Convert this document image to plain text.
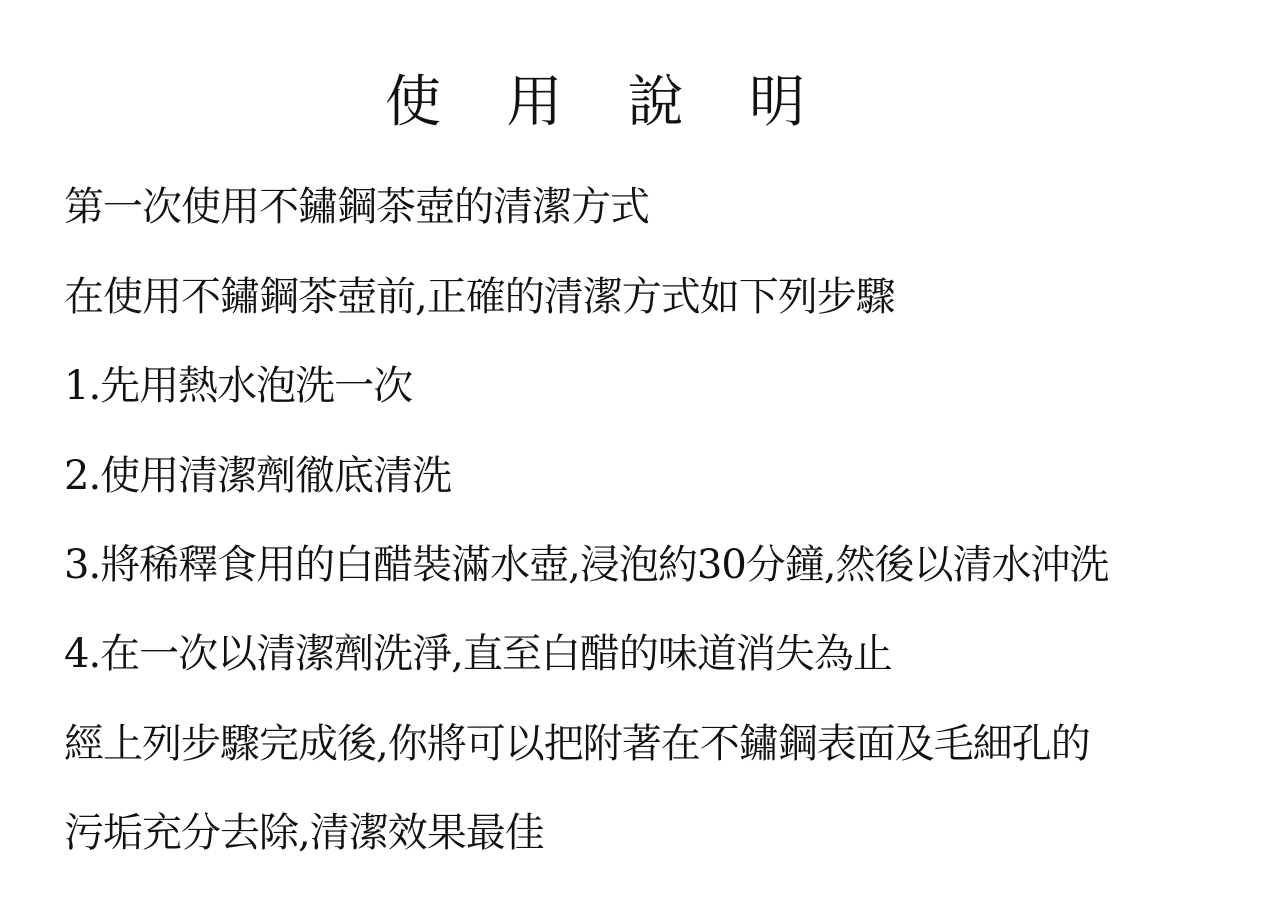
使 用 說 明
第一次使用不鏽鋼茶壺的清潔方式
在使用不鏽鋼茶壺前,正確的清潔方式如下列步驟
1.先用熱水泡洗一次
2.使用清潔劑徹底清洗
3.將稀釋食用的白醋裝滿水壺,浸泡約30分鐘,然後以清水沖洗
4.在一次以清潔劑洗淨,直至白醋的味道消失為止
經上列步驟完成後,你將可以把附著在不鏽鋼表面及毛細孔的
污垢充分去除,清潔效果最佳
